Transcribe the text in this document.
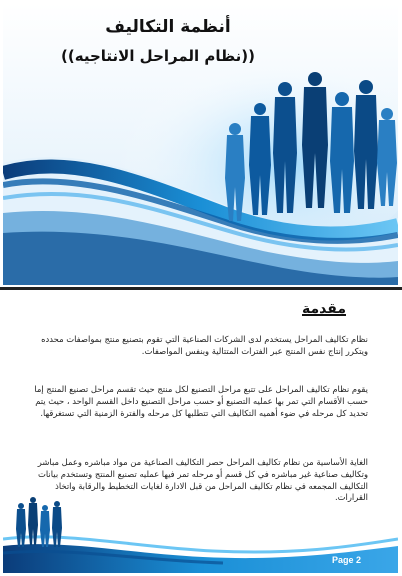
أنظمة التكاليف
((نظام المراحل الانتاجيه))
مقدمة
نظام تكاليف المراحل يستخدم لدى الشركات الصناعية التي تقوم بتصنيع منتج بمواصفات محدده ويتكرر إنتاج نفس المنتج عبر الفترات المتتالية وبنفس المواصفات.
يقوم نظام تكاليف المراحل على تتبع مراحل التصنيع لكل منتج حيث تقسم مراحل تصنيع المنتج إما حسب الأقسام التي تمر بها عمليه التصنيع أو حسب مراحل التصنيع داخل القسم الواحد ، حيث يتم تحديد كل مرحله في ضوء أهميه التكاليف التي تتطلبها كل مرحله والفترة الزمنية التي تستغرقها.
الغاية الأساسية من نظام تكاليف المراحل حصر التكاليف الصناعية من مواد مباشره وعمل مباشر وتكاليف صناعية غير مباشره في كل قسم أو مرحله تمر فيها عمليه تصنيع المنتج وتستخدم بيانات التكاليف المجمعه في نظام تكاليف المراحل من قبل الادارة لغايات التخطيط والرقابة واتخاذ القرارات.
Page 2
